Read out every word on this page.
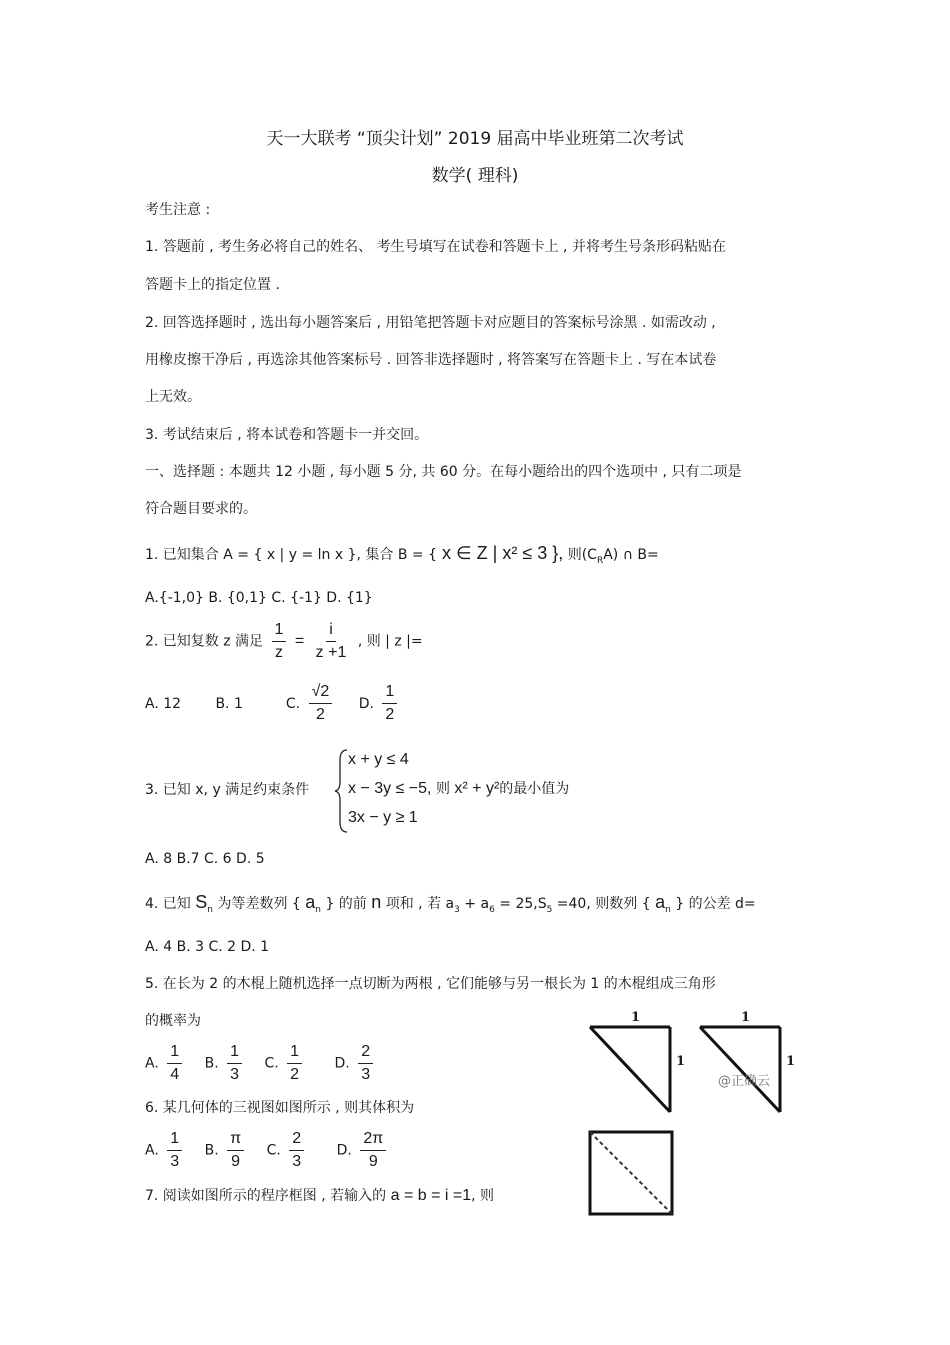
天一大联考 “顶尖计划” 2019 届高中毕业班第二次考试
数学( 理科)
考生注意 :
1. 答题前 , 考生务必将自己的姓名、 考生号填写在试卷和答题卡上 , 并将考生号条形码粘贴在
答题卡上的指定位置 .
2. 回答选择题时 , 选出每小题答案后 , 用铅笔把答题卡对应题目的答案标号涂黑 . 如需改动 ,
用橡皮擦干净后 , 再选涂其他答案标号 . 回答非选择题时 , 将答案写在答题卡上 . 写在本试卷
上无效。
3. 考试结束后 , 将本试卷和答题卡一并交回。
一、选择题 : 本题共 12 小题 , 每小题 5 分, 共 60 分。在每小题给出的四个选项中 , 只有二项是
符合题目要求的。
1. 已知集合 A = { x | y = ln x }, 集合 B = { x ∈ Z | x² ≤ 3 }, 则$(C_RA)$ ∩ B=
A.{-1,0} B. {0,1} C. {-1} D. {1}
2. 已知复数 z 满足 $\frac{1}{z} = \frac{i}{z +1}$ , 则 | z |=
A. 12 B. 1	C. $\frac{√2}{2} D$. $\frac{1}{2}$
3. 已知 x, y 满足约束条件
x + y ≤ 4
x − 3y ≤ −5, 则 x² + y²的最小值为
3x − y ≥ 1
A. 8 B.7 C. 6 D. 5
4. 已知 $S_n$ 为等差数列 { $a_n$ } 的前 n 项和 , 若 $a_3 + a_6 = 25,S_5 =40$, 则数列 { $a_n$ } 的公差 d=
A. 4 B. 3 C. 2 D. 1
5. 在长为 2 的木棍上随机选择一点切断为两根 , 它们能够与另一根长为 1 的木棍组成三角形
的概率为
A. $\frac{1}{4} B$. $\frac{1}{3} C$. $\frac{1}{2} D$. $\frac{2}{3}$
6. 某几何体的三视图如图所示 , 则其体积为
A. $\frac{1}{3} B$. $\frac{\pi}{9} C$. $\frac{2}{3} D$. $\frac{2\pi}{9}$
7. 阅读如图所示的程序框图 , 若输入的 a = b = i =1, 则
1
1
1
1
@正确云
